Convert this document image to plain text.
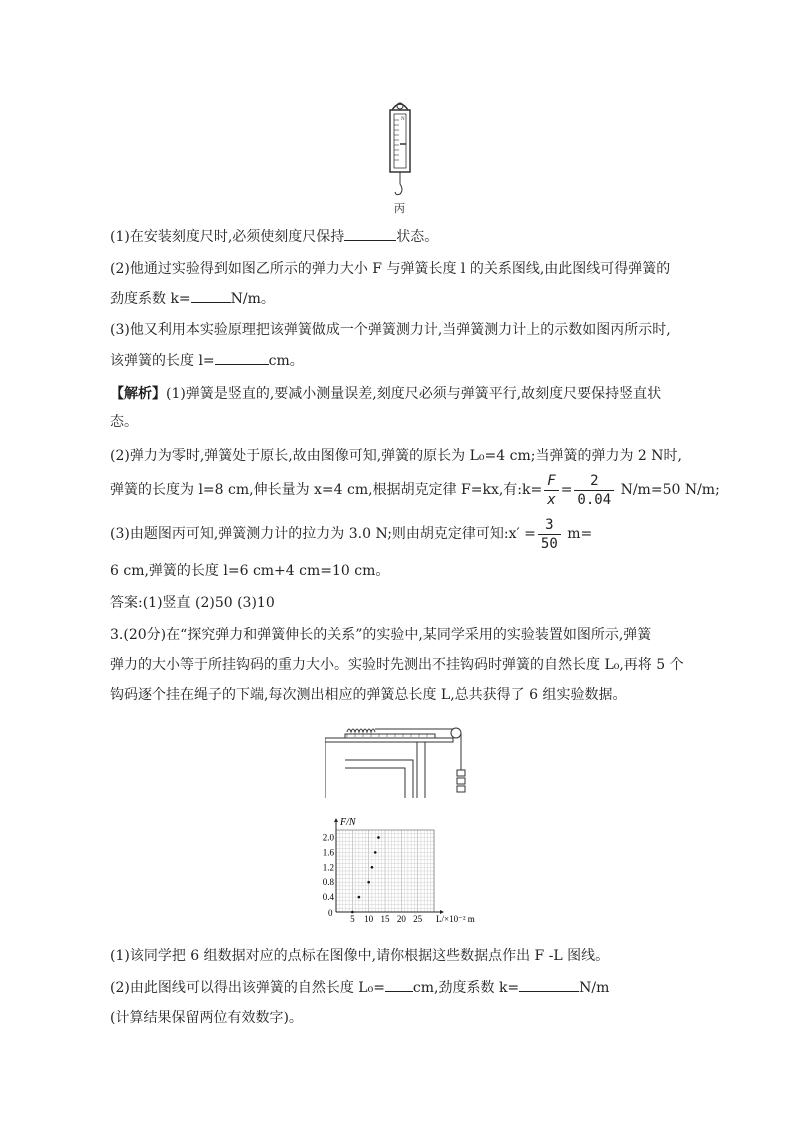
N
丙
(1)在安装刻度尺时,必须使刻度尺保持	状态。
(2)他通过实验得到如图乙所示的弹力大小 F 与弹簧长度 l 的关系图线,由此图线可得弹簧的
劲度系数 k=	N/m。
(3)他又利用本实验原理把该弹簧做成一个弹簧测力计,当弹簧测力计上的示数如图丙所示时,
该弹簧的长度 l=	cm。
【解析】(1)弹簧是竖直的,要减小测量误差,刻度尺必须与弹簧平行,故刻度尺要保持竖直状
态。
(2)弹力为零时,弹簧处于原长,故由图像可知,弹簧的原长为 L₀=4 cm;当弹簧的弹力为 2 N时,
弹簧的长度为 l=8 cm,伸长量为 x=4 cm,根据胡克定律 F=kx,有:k= $\frac{F}{x} = \frac{2}{0.04} N/m=50$ N/m;
(3)由题图丙可知,弹簧测力计的拉力为 3.0 N;则由胡克定律可知:x′ = $\frac{3}{50} m=$
6 cm,弹簧的长度 l=6 cm+4 cm=10 cm。
答案:(1)竖直 (2)50 (3)10
3.(20分)在“探究弹力和弹簧伸长的关系”的实验中,某同学采用的实验装置如图所示,弹簧
弹力的大小等于所挂钩码的重力大小。实验时先测出不挂钩码时弹簧的自然长度 L₀,再将 5 个
钩码逐个挂在绳子的下端,每次测出相应的弹簧总长度 L,总共获得了 6 组实验数据。
5 10 15 20 25
0.4
0.8
1.2
1.6
2.0
F/N
L/×10⁻² m
0
(1)该同学把 6 组数据对应的点标在图像中,请你根据这些数据点作出 F -L 图线。
(2)由此图线可以得出该弹簧的自然长度 L₀= cm,劲度系数 k=	N/m
(计算结果保留两位有效数字)。
